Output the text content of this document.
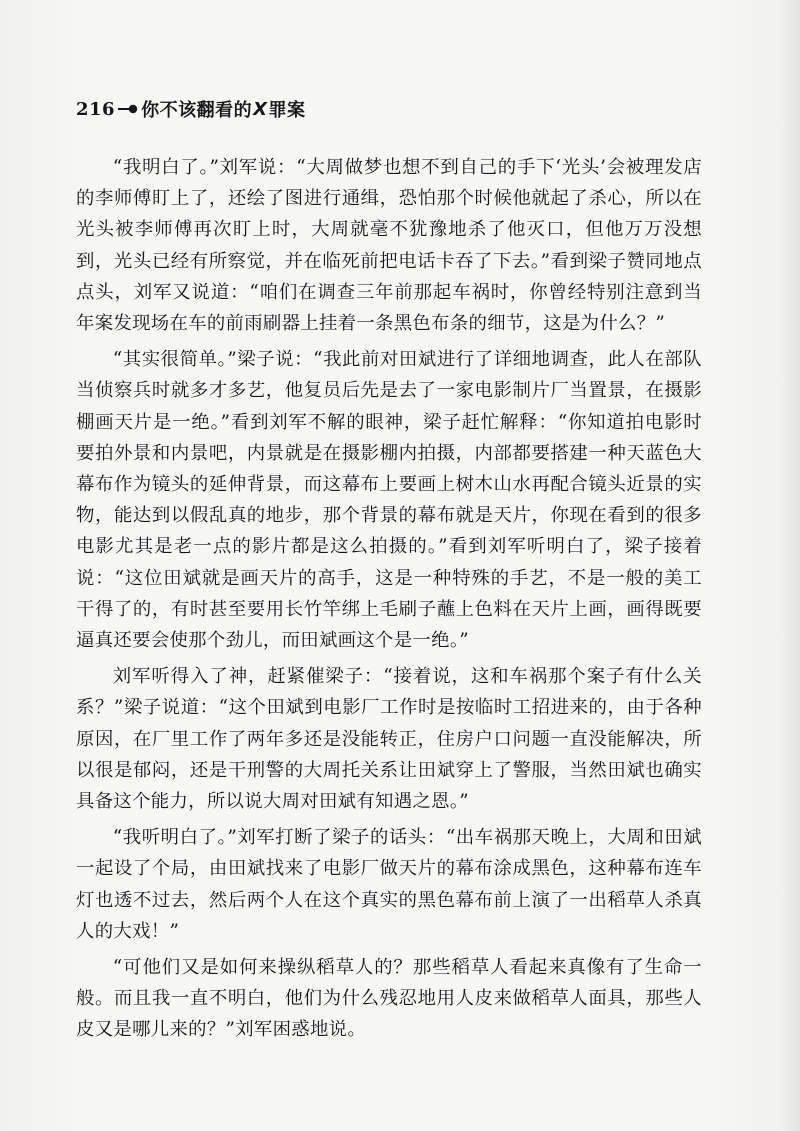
216 你不该翻看的 X 罪案

“我明白了。”刘军说：“大周做梦也想不到自己的手下‘光头’会被理发店的李师傅盯上了，还绘了图进行通缉，恐怕那个时候他就起了杀心，所以在光头被李师傅再次盯上时，大周就毫不犹豫地杀了他灭口，但他万万没想到，光头已经有所察觉，并在临死前把电话卡吞了下去。”看到梁子赞同地点点头，刘军又说道：“咱们在调查三年前那起车祸时，你曾经特别注意到当年案发现场在车的前雨刷器上挂着一条黑色布条的细节，这是为什么？”

“其实很简单。”梁子说：“我此前对田斌进行了详细地调查，此人在部队当侦察兵时就多才多艺，他复员后先是去了一家电影制片厂当置景，在摄影棚画天片是一绝。”看到刘军不解的眼神，梁子赶忙解释：“你知道拍电影时要拍外景和内景吧，内景就是在摄影棚内拍摄，内部都要搭建一种天蓝色大幕布作为镜头的延伸背景，而这幕布上要画上树木山水再配合镜头近景的实物，能达到以假乱真的地步，那个背景的幕布就是天片，你现在看到的很多电影尤其是老一点的影片都是这么拍摄的。”看到刘军听明白了，梁子接着说：“这位田斌就是画天片的高手，这是一种特殊的手艺，不是一般的美工干得了的，有时甚至要用长竹竿绑上毛刷子蘸上色料在天片上画，画得既要逼真还要会使那个劲儿，而田斌画这个是一绝。”

刘军听得入了神，赶紧催梁子：“接着说，这和车祸那个案子有什么关系？”梁子说道：“这个田斌到电影厂工作时是按临时工招进来的，由于各种原因，在厂里工作了两年多还是没能转正，住房户口问题一直没能解决，所以很是郁闷，还是干刑警的大周托关系让田斌穿上了警服，当然田斌也确实具备这个能力，所以说大周对田斌有知遇之恩。”

“我听明白了。”刘军打断了梁子的话头：“出车祸那天晚上，大周和田斌一起设了个局，由田斌找来了电影厂做天片的幕布涂成黑色，这种幕布连车灯也透不过去，然后两个人在这个真实的黑色幕布前上演了一出稻草人杀真人的大戏！”

“可他们又是如何来操纵稻草人的？那些稻草人看起来真像有了生命一般。而且我一直不明白，他们为什么残忍地用人皮来做稻草人面具，那些人皮又是哪儿来的？”刘军困惑地说。
